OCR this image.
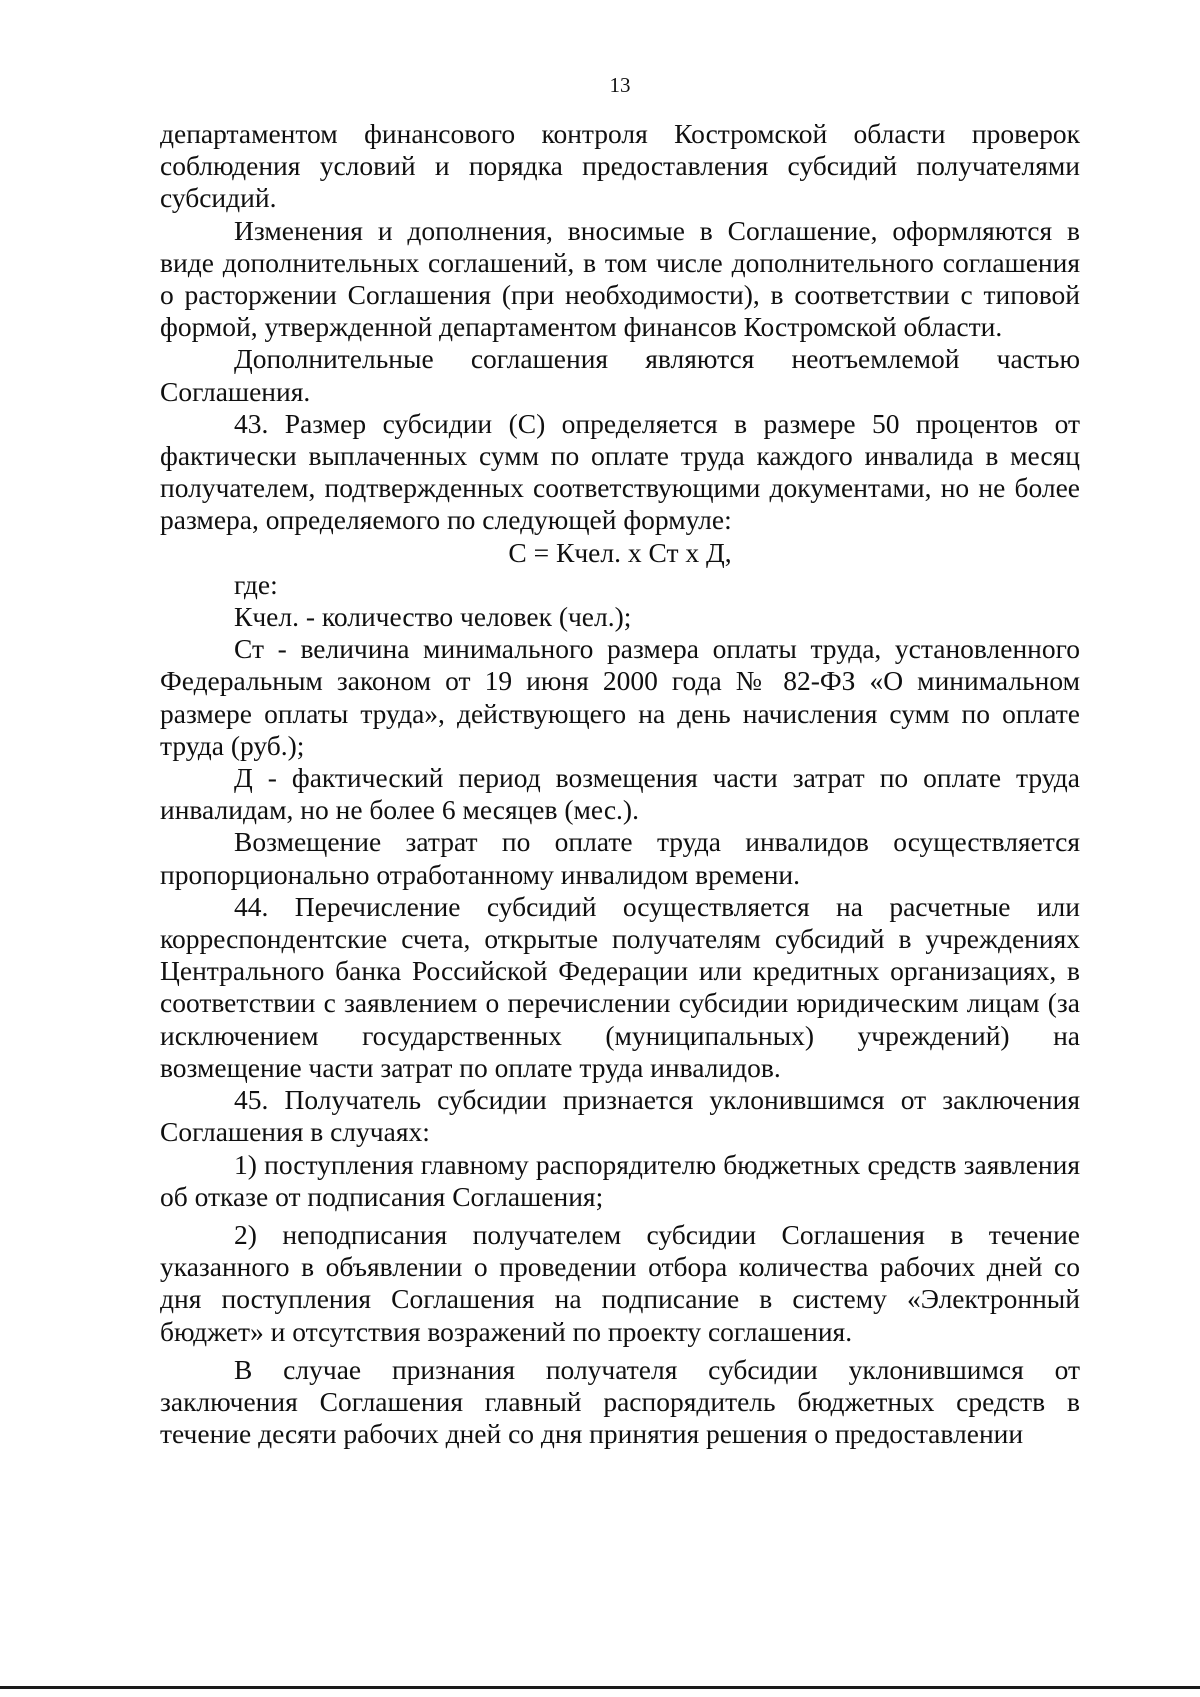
13

департаментом финансового контроля Костромской области проверок соблюдения условий и порядка предоставления субсидий получателями субсидий.

Изменения и дополнения, вносимые в Соглашение, оформляются в виде дополнительных соглашений, в том числе дополнительного соглашения о расторжении Соглашения (при необходимости), в соответствии с типовой формой, утвержденной департаментом финансов Костромской области.

Дополнительные соглашения являются неотъемлемой частью Соглашения.

43. Размер субсидии (С) определяется в размере 50 процентов от фактически выплаченных сумм по оплате труда каждого инвалида в месяц получателем, подтвержденных соответствующими документами, но не более размера, определяемого по следующей формуле:

С = Кчел. х Ст х Д,

где:

Кчел. - количество человек (чел.);

Ст - величина минимального размера оплаты труда, установленного Федеральным законом от 19 июня 2000 года № 82-ФЗ «О минимальном размере оплаты труда», действующего на день начисления сумм по оплате труда (руб.);

Д - фактический период возмещения части затрат по оплате труда инвалидам, но не более 6 месяцев (мес.).

Возмещение затрат по оплате труда инвалидов осуществляется пропорционально отработанному инвалидом времени.

44. Перечисление субсидий осуществляется на расчетные или корреспондентские счета, открытые получателям субсидий в учреждениях Центрального банка Российской Федерации или кредитных организациях, в соответствии с заявлением о перечислении субсидии юридическим лицам (за исключением государственных (муниципальных) учреждений) на возмещение части затрат по оплате труда инвалидов.

45. Получатель субсидии признается уклонившимся от заключения Соглашения в случаях:

1) поступления главному распорядителю бюджетных средств заявления об отказе от подписания Соглашения;

2) неподписания получателем субсидии Соглашения в течение указанного в объявлении о проведении отбора количества рабочих дней со дня поступления Соглашения на подписание в систему «Электронный бюджет» и отсутствия возражений по проекту соглашения.

В случае признания получателя субсидии уклонившимся от заключения Соглашения главный распорядитель бюджетных средств в течение десяти рабочих дней со дня принятия решения о предоставлении
